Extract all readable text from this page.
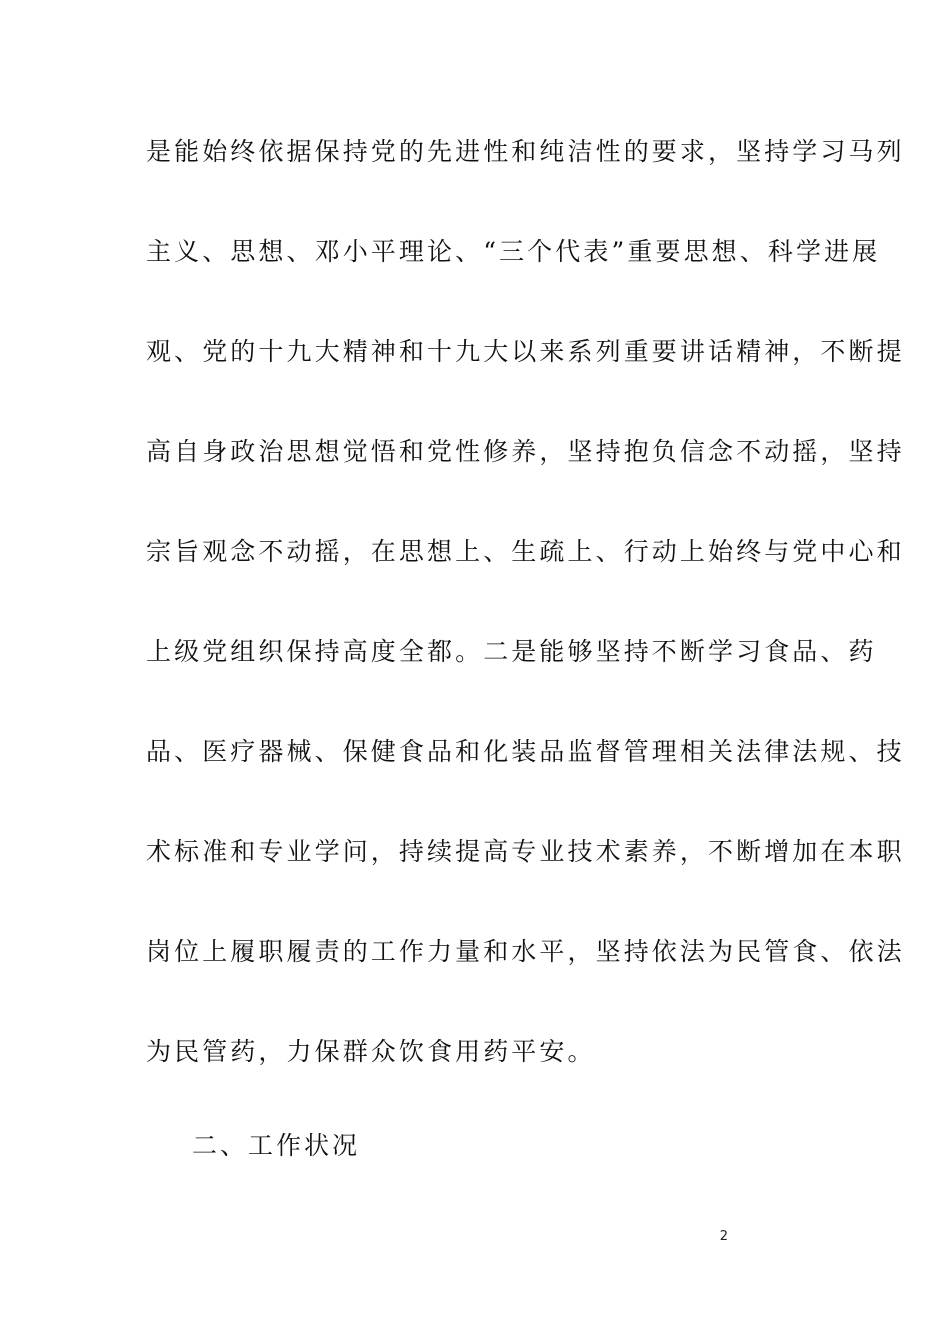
是能始终依据保持党的先进性和纯洁性的要求，坚持学习马列
主义、思想、邓小平理论、“三个代表”重要思想、科学进展
观、党的十九大精神和十九大以来系列重要讲话精神，不断提
高自身政治思想觉悟和党性修养，坚持抱负信念不动摇，坚持
宗旨观念不动摇，在思想上、生疏上、行动上始终与党中心和
上级党组织保持高度全都。二是能够坚持不断学习食品、药
品、医疗器械、保健食品和化装品监督管理相关法律法规、技
术标准和专业学问，持续提高专业技术素养，不断增加在本职
岗位上履职履责的工作力量和水平，坚持依法为民管食、依法
为民管药，力保群众饮食用药平安。
二、工作状况
2
